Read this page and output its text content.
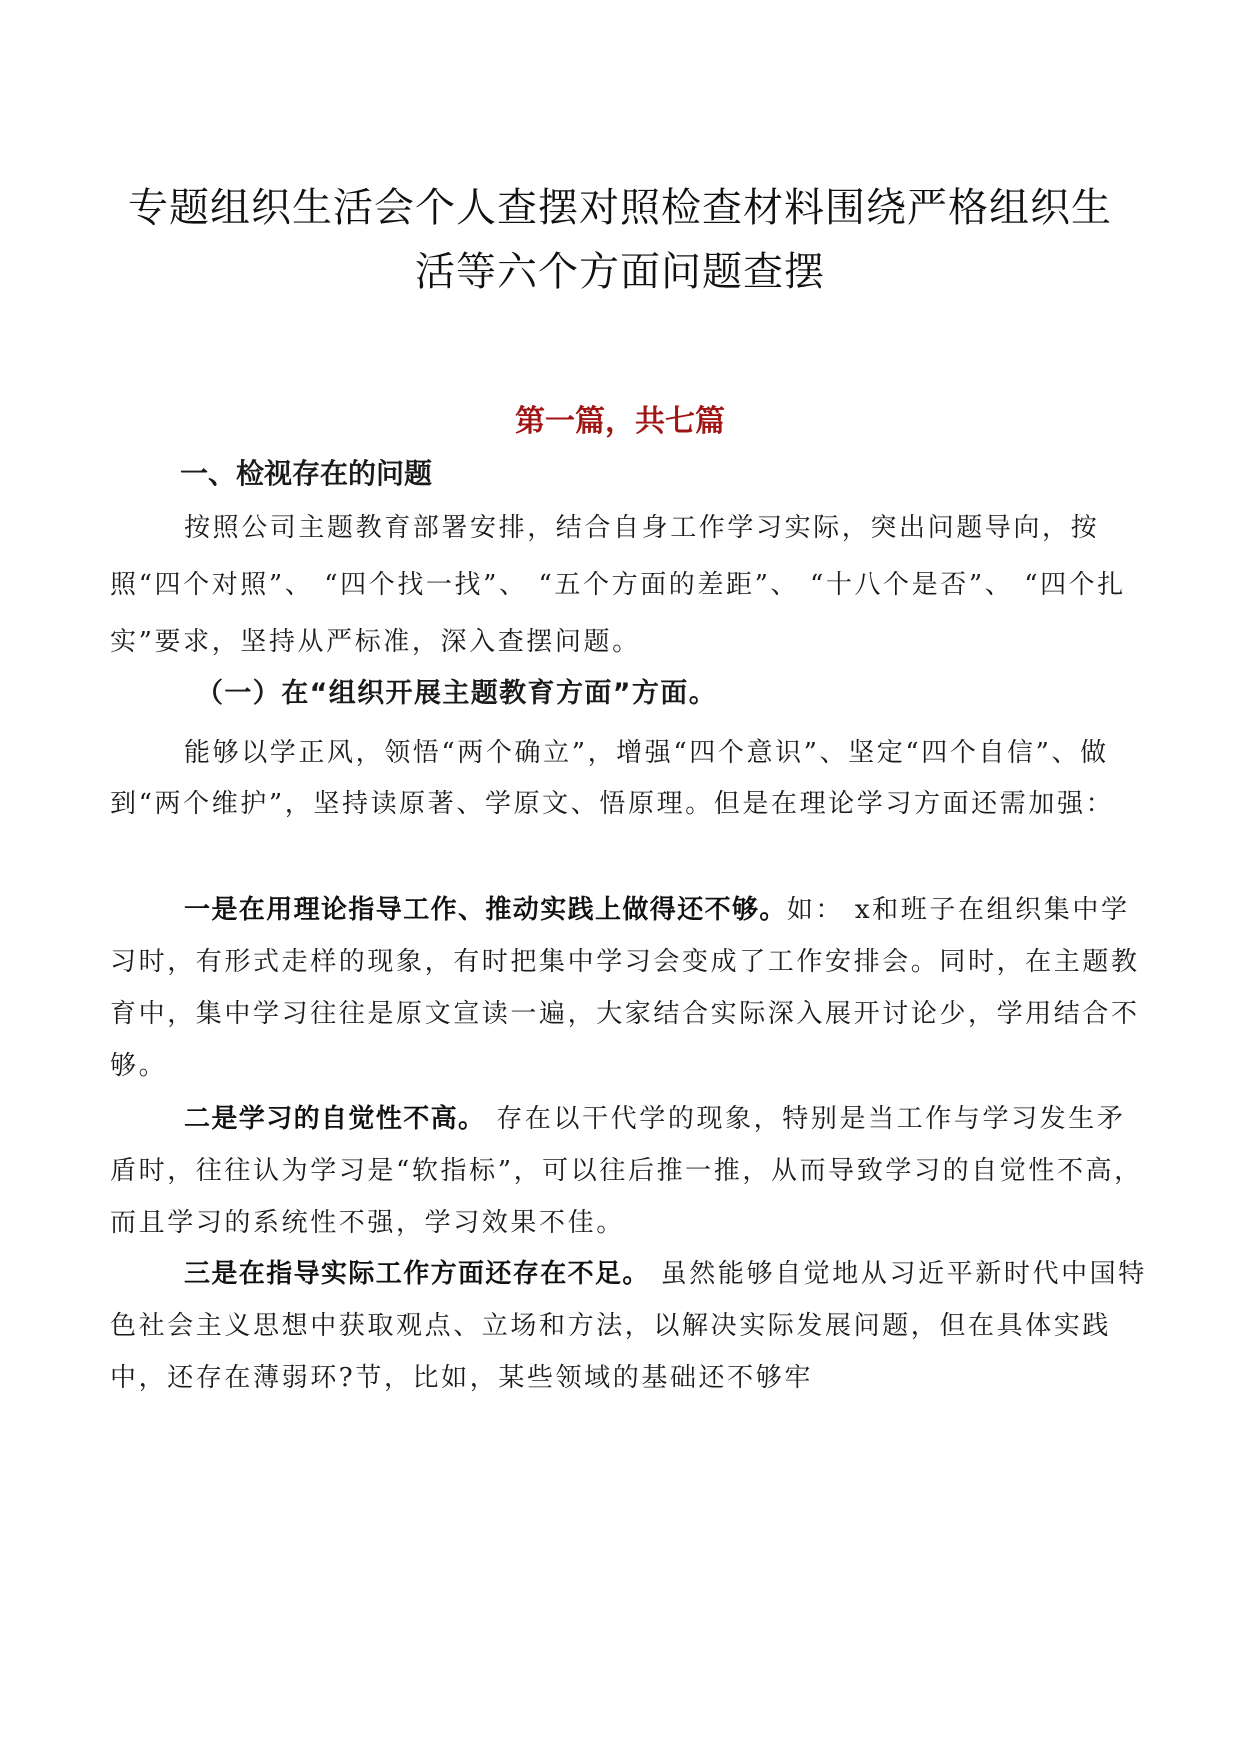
专题组织生活会个人查摆对照检查材料围绕严格组织生
活等六个方面问题查摆
第一篇，共七篇
一、检视存在的问题

按照公司主题教育部署安排，结合自身工作学习实际，突出问题导向，按照“四个对照”、 “四个找一找”、 “五个方面的差距”、 “十八个是否”、 “四个扎实”要求，坚持从严标准，深入查摆问题。

（一）在“组织开展主题教育方面”方面。

能够以学正风，领悟“两个确立”，增强“四个意识”、坚定“四个自信”、做到“两个维护”，坚持读原著、学原文、悟原理。但是在理论学习方面还需加强：

一是在用理论指导工作、推动实践上做得还不够。如： x和班子在组织集中学习时，有形式走样的现象，有时把集中学习会变成了工作安排会。同时，在主题教育中，集中学习往往是原文宣读一遍，大家结合实际深入展开讨论少，学用结合不够。

二是学习的自觉性不高。 存在以干代学的现象，特别是当工作与学习发生矛盾时，往往认为学习是“软指标”，可以往后推一推，从而导致学习的自觉性不高，而且学习的系统性不强，学习效果不佳。

三是在指导实际工作方面还存在不足。 虽然能够自觉地从习近平新时代中国特色社会主义思想中获取观点、立场和方法，以解决实际发展问题，但在具体实践中，还存在薄弱环?节，比如，某些领域的基础还不够牢
